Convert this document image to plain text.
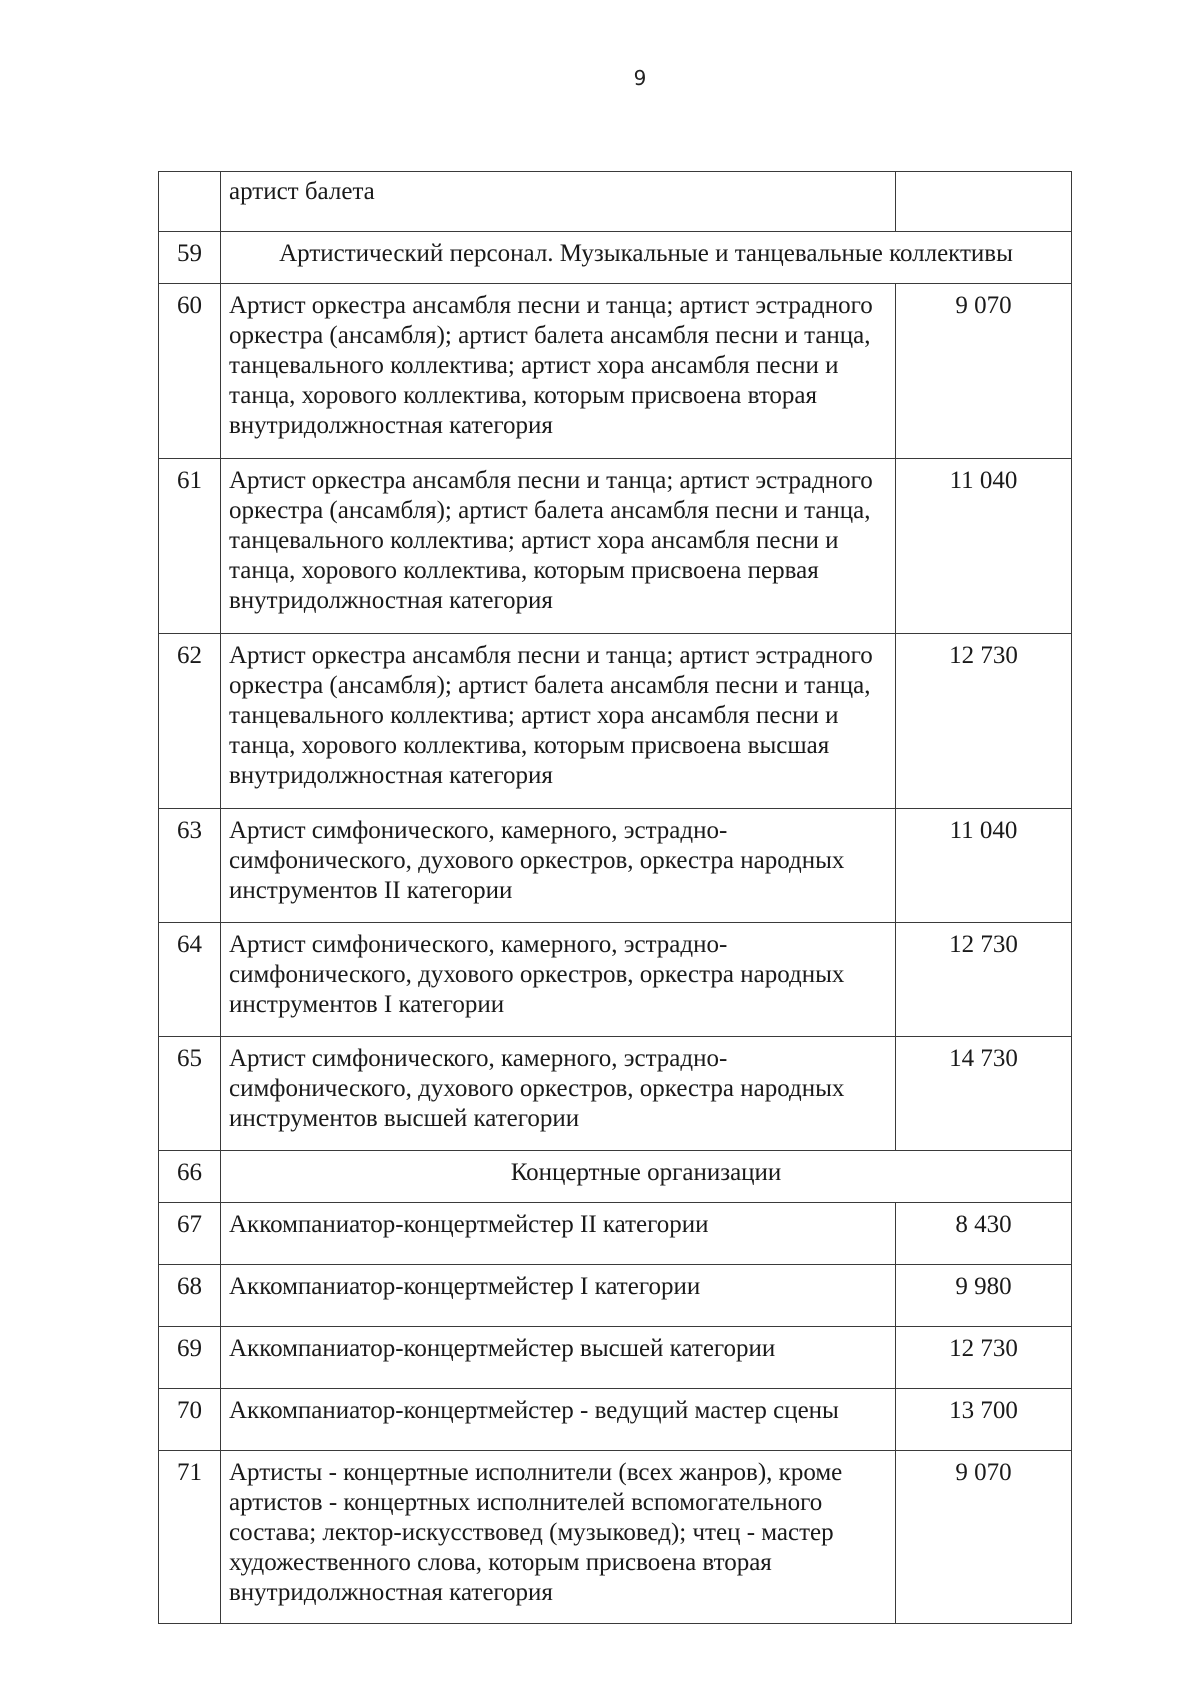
9
	артист балета	
59	Артистический персонал. Музыкальные и танцевальные коллективы	
60	Артист оркестра ансамбля песни и танца; артист эстрадного оркестра (ансамбля); артист балета ансамбля песни и танца, танцевального коллектива; артист хора ансамбля песни и танца, хорового коллектива, которым присвоена вторая внутридолжностная категория	9 070
61	Артист оркестра ансамбля песни и танца; артист эстрадного оркестра (ансамбля); артист балета ансамбля песни и танца, танцевального коллектива; артист хора ансамбля песни и танца, хорового коллектива, которым присвоена первая внутридолжностная категория	11 040
62	Артист оркестра ансамбля песни и танца; артист эстрадного оркестра (ансамбля); артист балета ансамбля песни и танца, танцевального коллектива; артист хора ансамбля песни и танца, хорового коллектива, которым присвоена высшая внутридолжностная категория	12 730
63	Артист симфонического, камерного, эстрадно-симфонического, духового оркестров, оркестра народных инструментов II категории	11 040
64	Артист симфонического, камерного, эстрадно-симфонического, духового оркестров, оркестра народных инструментов I категории	12 730
65	Артист симфонического, камерного, эстрадно-симфонического, духового оркестров, оркестра народных инструментов высшей категории	14 730
66	Концертные организации	
67	Аккомпаниатор-концертмейстер II категории	8 430
68	Аккомпаниатор-концертмейстер I категории	9 980
69	Аккомпаниатор-концертмейстер высшей категории	12 730
70	Аккомпаниатор-концертмейстер - ведущий мастер сцены	13 700
71	Артисты - концертные исполнители (всех жанров), кроме артистов - концертных исполнителей вспомогательного состава; лектор-искусствовед (музыковед); чтец - мастер художественного слова, которым присвоена вторая внутридолжностная категория	9 070
